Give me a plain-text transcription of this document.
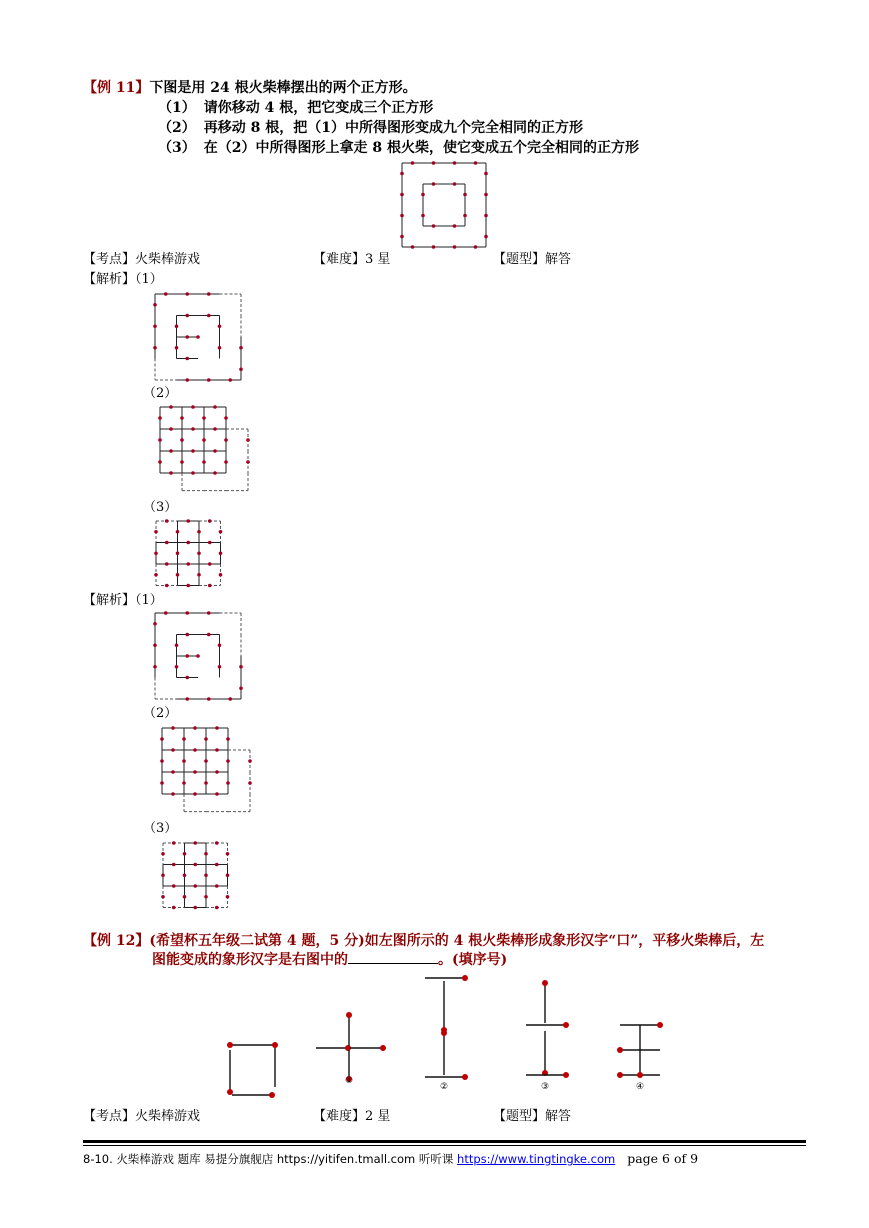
【例 11】下图是用 24 根火柴棒摆出的两个正方形。
（1） 请你移动 4 根，把它变成三个正方形
（2） 再移动 8 根，把（1）中所得图形变成九个完全相同的正方形
（3） 在（2）中所得图形上拿走 8 根火柴，使它变成五个完全相同的正方形
【考点】火柴棒游戏	【难度】3 星	【题型】解答
【解析】（1）
（2）
（3）
【解析】（1）
（2）
（3）
【例 12】(希望杯五年级二试第 4 题，5 分)如左图所示的 4 根火柴棒形成象形汉字“口”，平移火柴棒后，左
图能变成的象形汉字是右图中的	。(填序号)
①
②	③	④
【考点】火柴棒游戏	【难度】2 星	【题型】解答
8-10. 火柴棒游戏 题库 易提分旗舰店 https://yitifen.tmall.com 听听课 https://www.tingtingke.com page 6 of 9
